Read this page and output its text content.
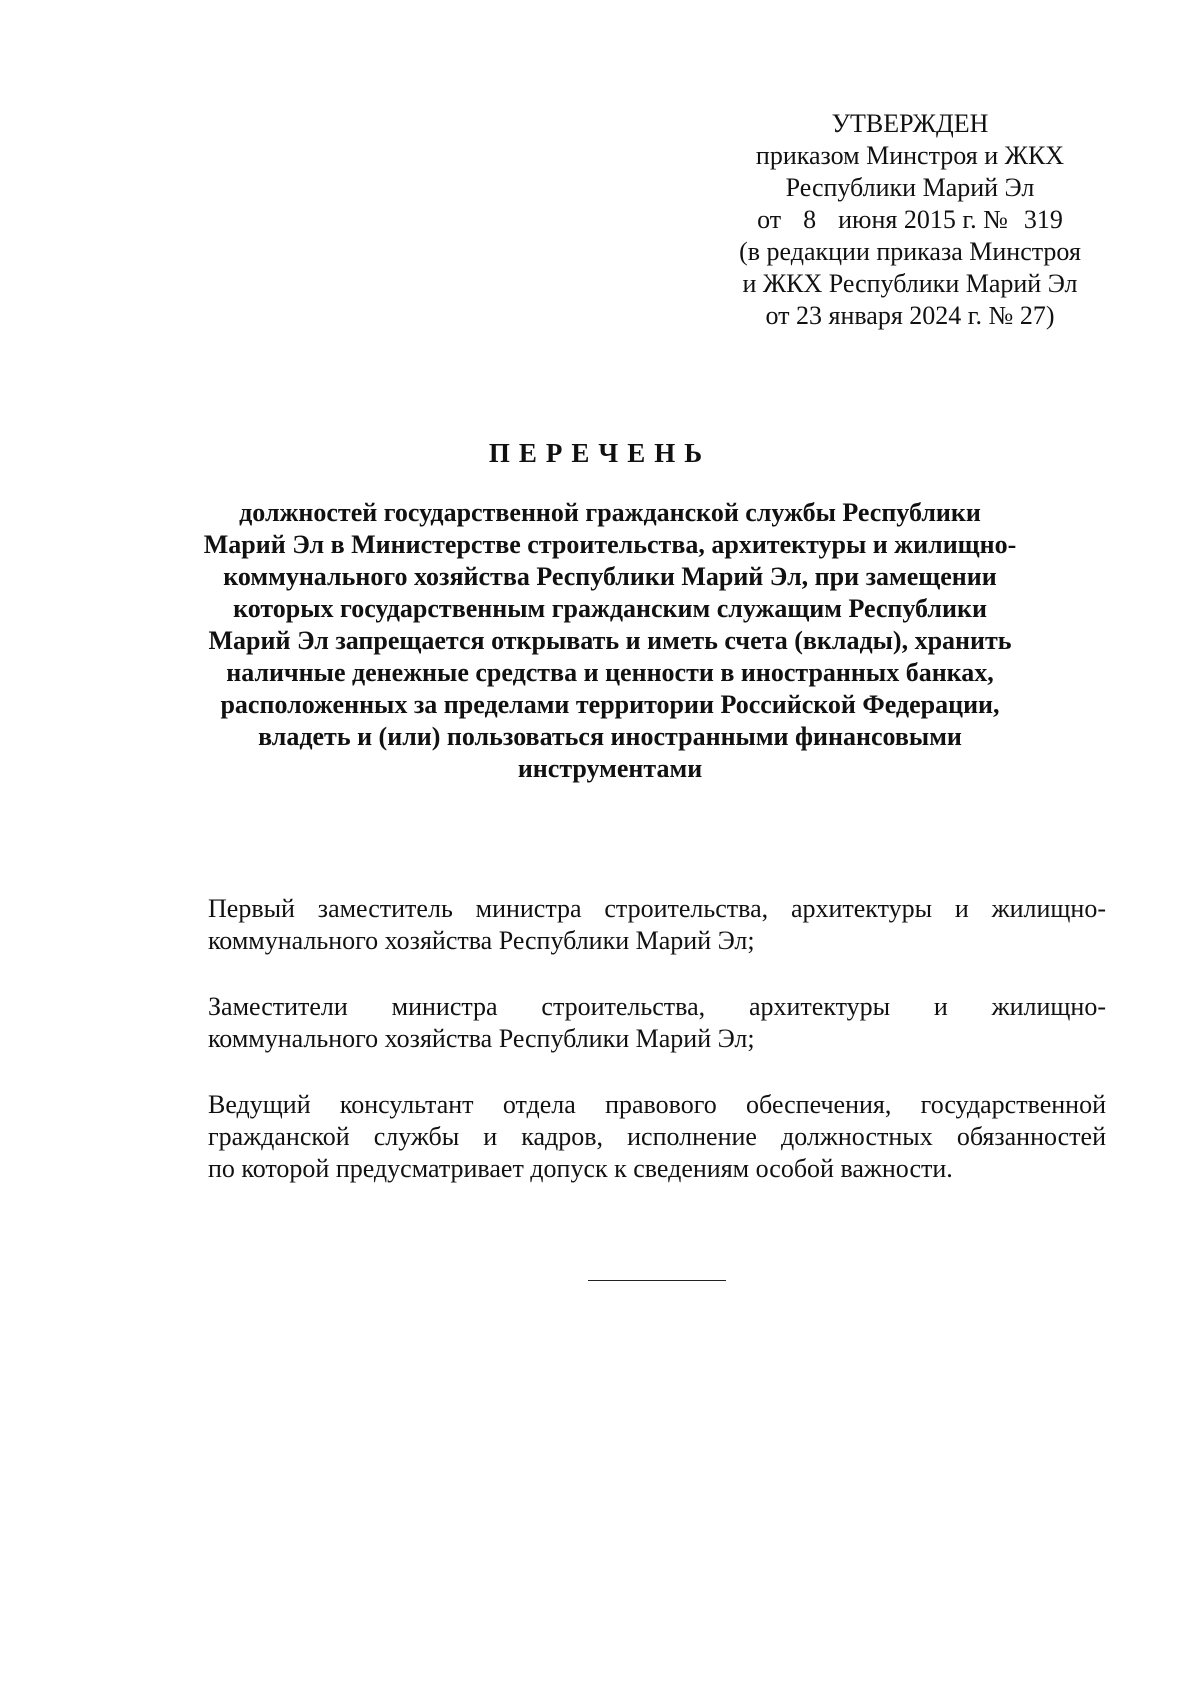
УТВЕРЖДЕН
приказом Минстроя и ЖКХ
Республики Марий Эл
от 8 июня 2015 г. № 319
(в редакции приказа Минстроя
и ЖКХ Республики Марий Эл
от 23 января 2024 г. № 27)
ПЕРЕЧЕНЬ
должностей государственной гражданской службы Республики
Марий Эл в Министерстве строительства, архитектуры и жилищно-
коммунального хозяйства Республики Марий Эл, при замещении
которых государственным гражданским служащим Республики
Марий Эл запрещается открывать и иметь счета (вклады), хранить
наличные денежные средства и ценности в иностранных банках,
расположенных за пределами территории Российской Федерации,
владеть и (или) пользоваться иностранными финансовыми
инструментами
Первый заместитель министра строительства, архитектуры и жилищно-
коммунального хозяйства Республики Марий Эл;
Заместители министра строительства, архитектуры и жилищно-
коммунального хозяйства Республики Марий Эл;
Ведущий консультант отдела правового обеспечения, государственной
гражданской службы и кадров, исполнение должностных обязанностей
по которой предусматривает допуск к сведениям особой важности.
